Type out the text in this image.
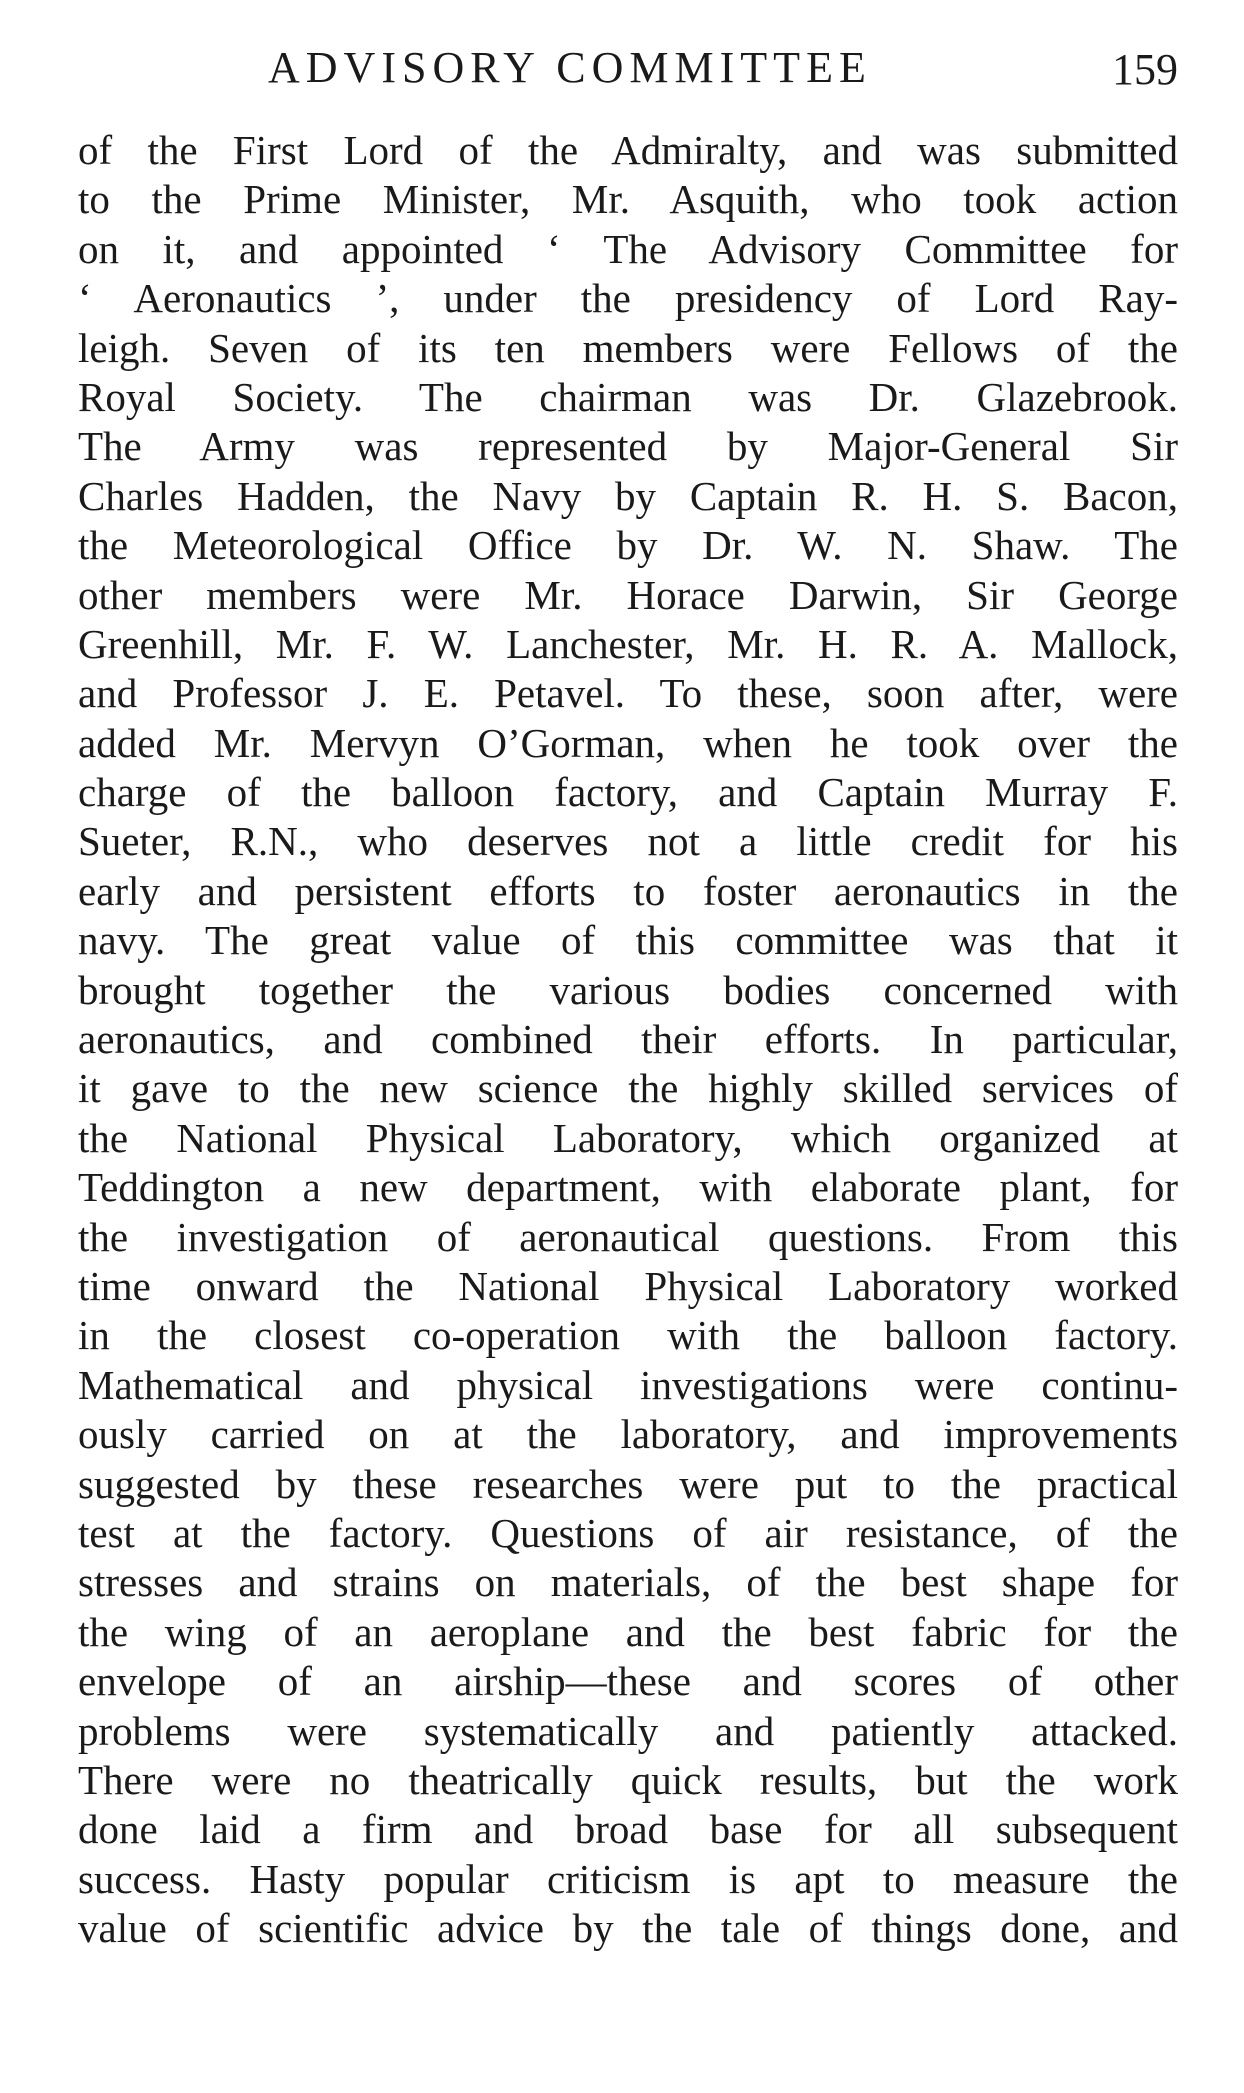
ADVISORY COMMITTEE	159
of the First Lord of the Admiralty, and was submitted
to the Prime Minister, Mr. Asquith, who took action
on it, and appointed ‘ The Advisory Committee for
‘ Aeronautics ’, under the presidency of Lord Ray-
leigh. Seven of its ten members were Fellows of the
Royal Society. The chairman was Dr. Glazebrook.
The Army was represented by Major-General Sir
Charles Hadden, the Navy by Captain R. H. S. Bacon,
the Meteorological Office by Dr. W. N. Shaw. The
other members were Mr. Horace Darwin, Sir George
Greenhill, Mr. F. W. Lanchester, Mr. H. R. A. Mallock,
and Professor J. E. Petavel. To these, soon after, were
added Mr. Mervyn O’Gorman, when he took over the
charge of the balloon factory, and Captain Murray F.
Sueter, R.N., who deserves not a little credit for his
early and persistent efforts to foster aeronautics in the
navy. The great value of this committee was that it
brought together the various bodies concerned with
aeronautics, and combined their efforts. In particular,
it gave to the new science the highly skilled services of
the National Physical Laboratory, which organized at
Teddington a new department, with elaborate plant, for
the investigation of aeronautical questions. From this
time onward the National Physical Laboratory worked
in the closest co-operation with the balloon factory.
Mathematical and physical investigations were continu-
ously carried on at the laboratory, and improvements
suggested by these researches were put to the practical
test at the factory. Questions of air resistance, of the
stresses and strains on materials, of the best shape for
the wing of an aeroplane and the best fabric for the
envelope of an airship—these and scores of other
problems were systematically and patiently attacked.
There were no theatrically quick results, but the work
done laid a firm and broad base for all subsequent
success. Hasty popular criticism is apt to measure the
value of scientific advice by the tale of things done, and
